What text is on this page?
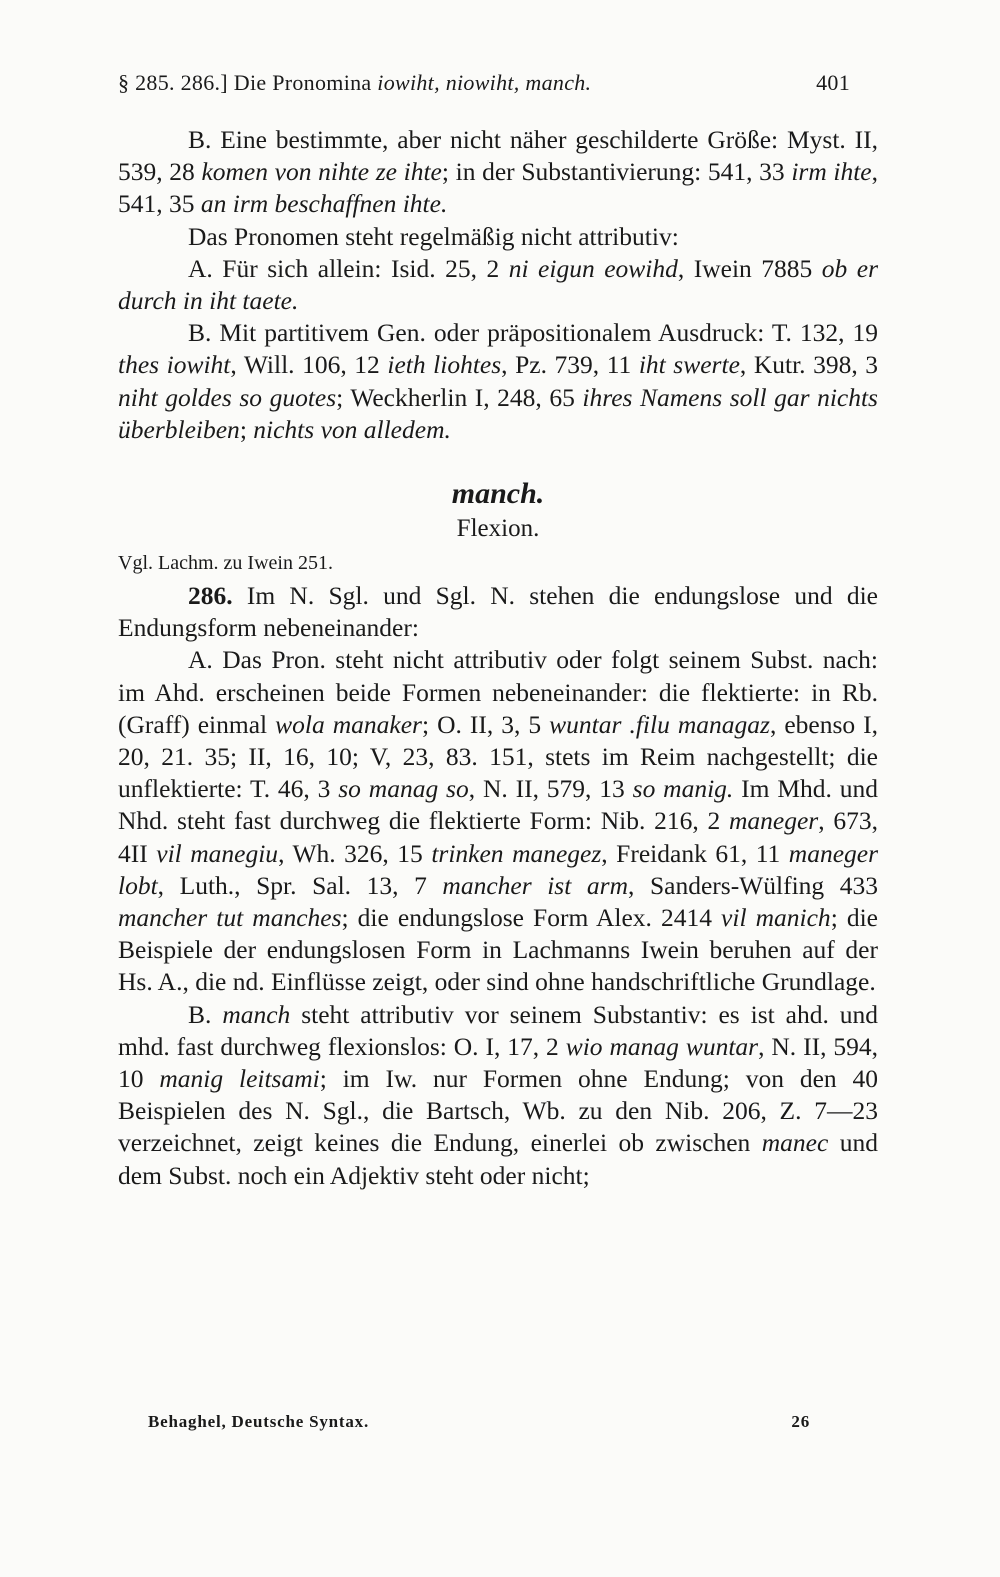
§ 285. 286.] Die Pronomina iowiht, niowiht, manch.	401

B. Eine bestimmte, aber nicht näher geschilderte Größe: Myst. II, 539, 28 komen von nihte ze ihte; in der Substantivierung: 541, 33 irm ihte, 541, 35 an irm beschaffnen ihte.

Das Pronomen steht regelmäßig nicht attributiv:

A. Für sich allein: Isid. 25, 2 ni eigun eowihd, Iwein 7885 ob er durch in iht taete.

B. Mit partitivem Gen. oder präpositionalem Ausdruck: T. 132, 19 thes iowiht, Will. 106, 12 ieth liohtes, Pz. 739, 11 iht swerte, Kutr. 398, 3 niht goldes so guotes; Weckherlin I, 248, 65 ihres Namens soll gar nichts überbleiben; nichts von alledem.

manch.
Flexion.
Vgl. Lachm. zu Iwein 251.

286. Im N. Sgl. und Sgl. N. stehen die endungslose und die Endungsform nebeneinander:

A. Das Pron. steht nicht attributiv oder folgt seinem Subst. nach: im Ahd. erscheinen beide Formen nebeneinander: die flektierte: in Rb. (Graff) einmal wola manaker; O. II, 3, 5 wuntar .filu managaz, ebenso I, 20, 21. 35; II, 16, 10; V, 23, 83. 151, stets im Reim nachgestellt; die unflektierte: T. 46, 3 so manag so, N. II, 579, 13 so manig. Im Mhd. und Nhd. steht fast durchweg die flektierte Form: Nib. 216, 2 maneger, 673, 4II vil manegiu, Wh. 326, 15 trinken manegez, Freidank 61, 11 maneger lobt, Luth., Spr. Sal. 13, 7 mancher ist arm, Sanders-Wülfing 433 mancher tut manches; die endungslose Form Alex. 2414 vil manich; die Beispiele der endungslosen Form in Lachmanns Iwein beruhen auf der Hs. A., die nd. Einflüsse zeigt, oder sind ohne handschriftliche Grundlage.

B. manch steht attributiv vor seinem Substantiv: es ist ahd. und mhd. fast durchweg flexionslos: O. I, 17, 2 wio manag wuntar, N. II, 594, 10 manig leitsami; im Iw. nur Formen ohne Endung; von den 40 Beispielen des N. Sgl., die Bartsch, Wb. zu den Nib. 206, Z. 7—23 verzeichnet, zeigt keines die Endung, einerlei ob zwischen manec und dem Subst. noch ein Adjektiv steht oder nicht;

Behaghel, Deutsche Syntax.	26
